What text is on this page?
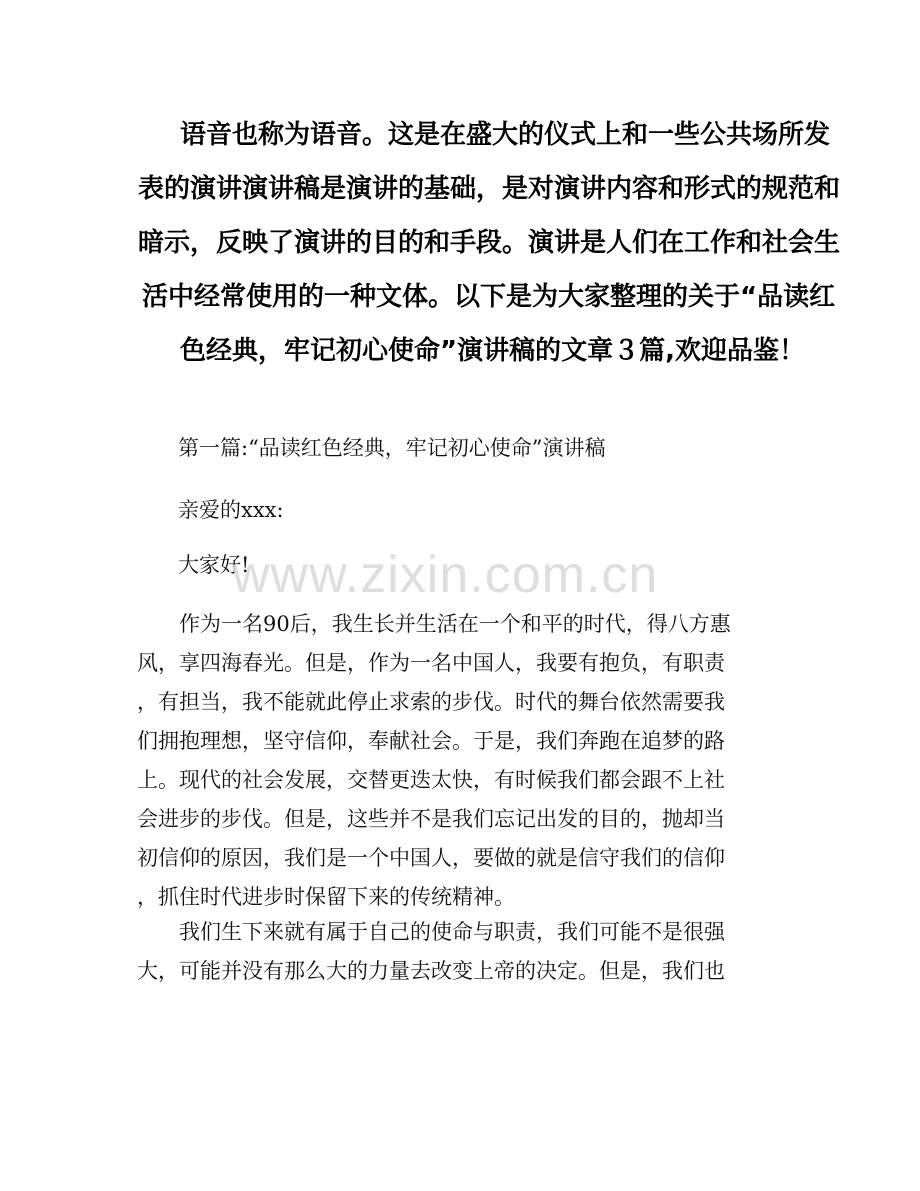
语音也称为语音。这是在盛大的仪式上和一些公共场所发
表的演讲演讲稿是演讲的基础，是对演讲内容和形式的规范和
暗示，反映了演讲的目的和手段。演讲是人们在工作和社会生
活中经常使用的一种文体。以下是为大家整理的关于“品读红
色经典，牢记初心使命”演讲稿的文章３篇,欢迎品鉴！
第一篇:“品读红色经典，牢记初心使命”演讲稿
亲爱的xxx:
大家好!
作为一名90后，我生长并生活在一个和平的时代，得八方惠
风，享四海春光。但是，作为一名中国人，我要有抱负，有职责
，有担当，我不能就此停止求索的步伐。时代的舞台依然需要我
们拥抱理想，坚守信仰，奉献社会。于是，我们奔跑在追梦的路
上。现代的社会发展，交替更迭太快，有时候我们都会跟不上社
会进步的步伐。但是，这些并不是我们忘记出发的目的，抛却当
初信仰的原因，我们是一个中国人，要做的就是信守我们的信仰
，抓住时代进步时保留下来的传统精神。
我们生下来就有属于自己的使命与职责，我们可能不是很强
大，可能并没有那么大的力量去改变上帝的决定。但是，我们也
www.zixin.com.cn
